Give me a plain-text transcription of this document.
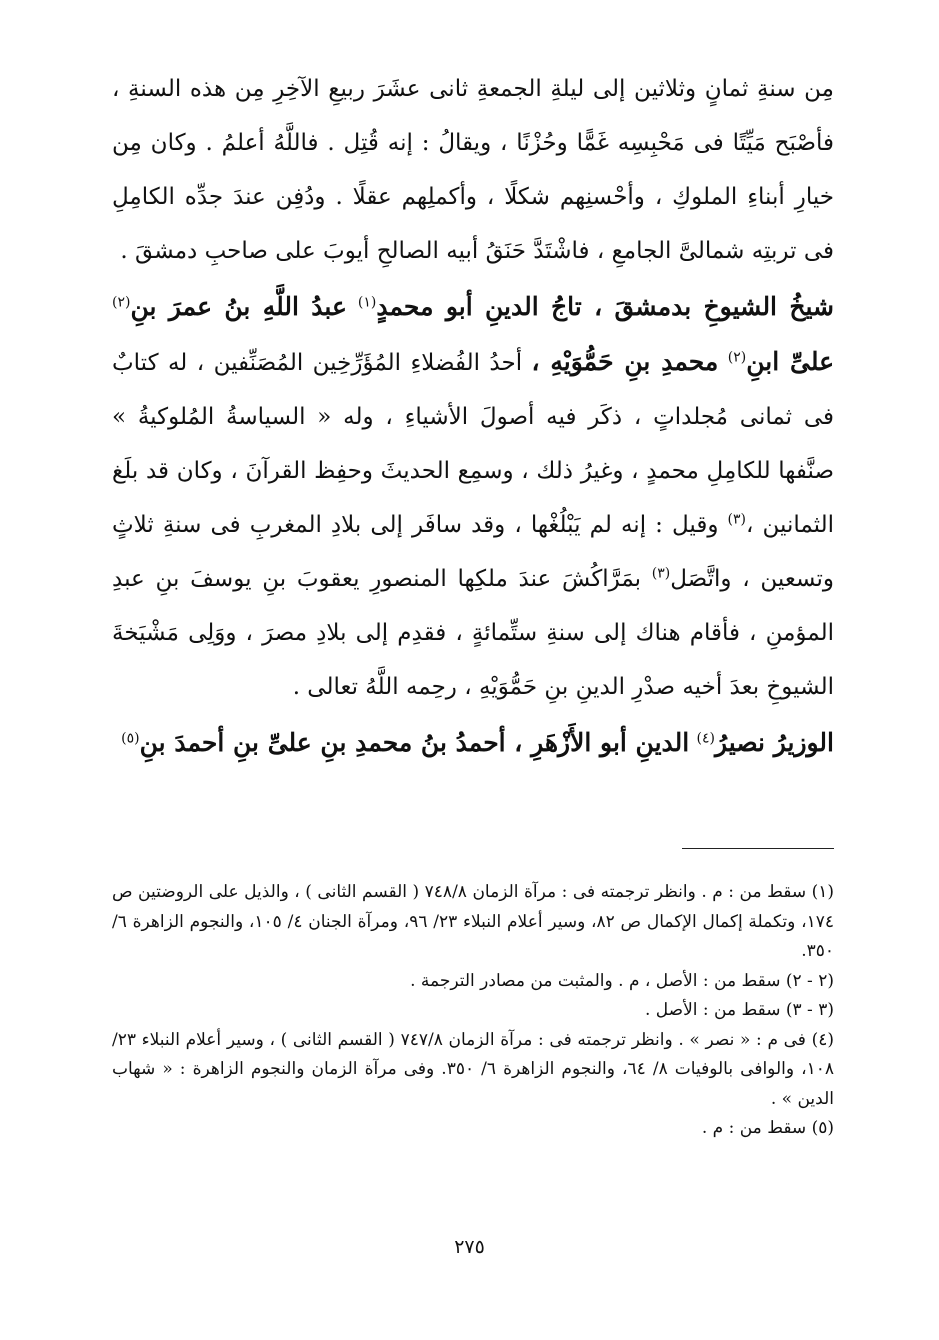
مِن سنةِ ثمانٍ وثلاثين إلى ليلةِ الجمعةِ ثانى عشَرَ ربيعِ الآخِرِ مِن هذه السنةِ ، فأصْبَح مَيِّتًا فى مَحْبِسِه غَمًّا وحُزْنًا ، ويقالُ : إنه قُتِل . فاللَّهُ أعلمُ . وكان مِن خيارِ أبناءِ الملوكِ ، وأحْسنِهم شكلًا ، وأكملِهم عقلًا . ودُفِن عندَ جدِّه الكامِلِ فى تربتِه شمالىَّ الجامعِ ، فاشْتَدَّ حَنَقُ أبيه الصالحِ أيوبَ على صاحبِ دمشقَ .

شيخُ الشيوخِ بدمشقَ ، تاجُ الدينِ أبو محمدٍ$^{(١)}$ عبدُ اللَّهِ بنُ عمرَ بنِ$^{(٢)}$ علىِّ ابنِ$^{(٢)}$ محمدِ بنِ حَمُّوَيْهِ ، أحدُ الفُضلاءِ المُؤَرِّخِين المُصَنِّفين ، له كتابٌ فى ثمانى مُجلداتٍ ، ذكَر فيه أصولَ الأشياءِ ، وله « السياسةُ المُلوكيةُ » صنَّفها للكامِلِ محمدٍ ، وغيرُ ذلك ، وسمِع الحديثَ وحفِظ القرآنَ ، وكان قد بلَغ الثمانين ،$^{(٣)}$ وقيل : إنه لم يَبْلُغْها ، وقد سافَر إلى بلادِ المغربِ فى سنةِ ثلاثٍ وتسعين ، واتَّصَل$^{(٣)}$ بمَرَّاكُشَ عندَ ملكِها المنصورِ يعقوبَ بنِ يوسفَ بنِ عبدِ المؤمنِ ، فأقام هناك إلى سنةِ ستِّمائةٍ ، فقدِم إلى بلادِ مصرَ ، ووَلِى مَشْيَخةَ الشيوخِ بعدَ أخيه صدْرِ الدينِ بنِ حَمُّوَيْهِ ، رحِمه اللَّهُ تعالى .

الوزيرُ نصيرُ$^{(٤)}$ الدينِ أبو الأَزْهَرِ ، أحمدُ بنُ محمدِ بنِ علىِّ بنِ أحمدَ بنِ$^{(٥)}$

(١) سقط من : م . وانظر ترجمته فى : مرآة الزمان ٧٤٨/٨ ( القسم الثانى ) ، والذيل على الروضتين ص ١٧٤، وتكملة إكمال الإكمال ص ٨٢، وسير أعلام النبلاء ٢٣/ ٩٦، ومرآة الجنان ٤/ ١٠٥، والنجوم الزاهرة ٦/ ٣٥٠.

(٢ - ٢) سقط من : الأصل ، م . والمثبت من مصادر الترجمة .

(٣ - ٣) سقط من : الأصل .

(٤) فى م : « نصر » . وانظر ترجمته فى : مرآة الزمان ٧٤٧/٨ ( القسم الثانى ) ، وسير أعلام النبلاء ٢٣/ ١٠٨، والوافى بالوفيات ٨/ ٦٤، والنجوم الزاهرة ٦/ ٣٥٠. وفى مرآة الزمان والنجوم الزاهرة : « شهاب الدين » .

(٥) سقط من : م .

٢٧٥
